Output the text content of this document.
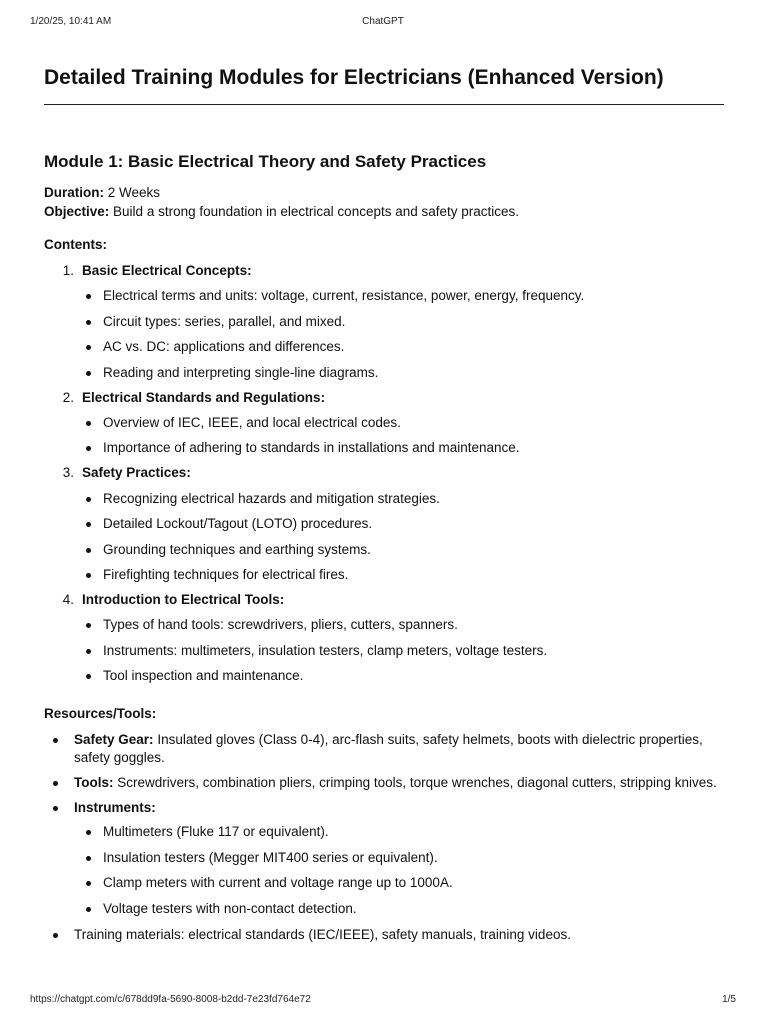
1/20/25, 10:41 AM	ChatGPT
Detailed Training Modules for Electricians (Enhanced Version)
Module 1: Basic Electrical Theory and Safety Practices
Duration: 2 Weeks
Objective: Build a strong foundation in electrical concepts and safety practices.
Contents:
1. Basic Electrical Concepts:
Electrical terms and units: voltage, current, resistance, power, energy, frequency.
Circuit types: series, parallel, and mixed.
AC vs. DC: applications and differences.
Reading and interpreting single-line diagrams.
2. Electrical Standards and Regulations:
Overview of IEC, IEEE, and local electrical codes.
Importance of adhering to standards in installations and maintenance.
3. Safety Practices:
Recognizing electrical hazards and mitigation strategies.
Detailed Lockout/Tagout (LOTO) procedures.
Grounding techniques and earthing systems.
Firefighting techniques for electrical fires.
4. Introduction to Electrical Tools:
Types of hand tools: screwdrivers, pliers, cutters, spanners.
Instruments: multimeters, insulation testers, clamp meters, voltage testers.
Tool inspection and maintenance.
Resources/Tools:
Safety Gear: Insulated gloves (Class 0-4), arc-flash suits, safety helmets, boots with dielectric properties, safety goggles.
Tools: Screwdrivers, combination pliers, crimping tools, torque wrenches, diagonal cutters, stripping knives.
Instruments:
Multimeters (Fluke 117 or equivalent).
Insulation testers (Megger MIT400 series or equivalent).
Clamp meters with current and voltage range up to 1000A.
Voltage testers with non-contact detection.
Training materials: electrical standards (IEC/IEEE), safety manuals, training videos.
https://chatgpt.com/c/678dd9fa-5690-8008-b2dd-7e23fd764e72	1/5
